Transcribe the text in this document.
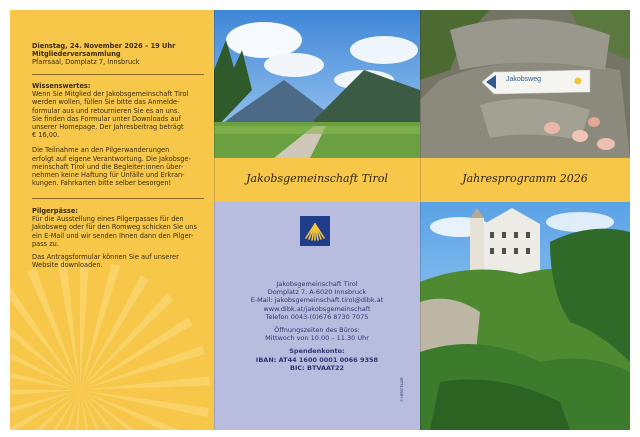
Dienstag, 24. November 2026 – 19 Uhr

Mitgliederversammlung

Pfarrsaal, Domplatz 7, Innsbruck

Wissenswertes:

Wenn Sie Mitglied der Jakobsgemeinschaft Tirol

werden wollen, füllen Sie bitte das Anmelde-

formular aus und retournieren Sie es an uns.

Sie finden das Formular unter Downloads auf

unserer Homepage. Der Jahresbeitrag beträgt

€ 16,00.

Die Teilnahme an den Pilgerwanderungen

erfolgt auf eigene Verantwortung. Die Jakobsge-

meinschaft Tirol und die Begleiter:innen über-

nehmen keine Haftung für Unfälle und Erkran-

kungen. Fahrkarten bitte selber besorgen!

Pilgerpässe:

Für die Ausstellung eines Pilgerpasses für den

Jakobsweg oder für den Romweg schicken Sie uns

ein E-Mail und wir senden Ihnen dann den Pilger-

pass zu.

Das Antragsformular können Sie auf unserer

Website downloaden.

Jakobsgemeinschaft Tirol
Jakobsgemeinschaft Tirol
Domplatz 7, A-6020 Innsbruck
E-Mail: jakobsgemeinschaft.tirol@dibk.at
www.dibk.at/jakobsgemeinschaft
Telefon 0043-(0)676 8730 7075
Öffnungszeiten des Büros:
Mittwoch von 10.00 – 11.30 Uhr
Spendenkonto:
IBAN: AT44 1600 0001 0066 9358
BIC: BTVAAT22
© HERSTELLER
Jakobsweg
Jahresprogramm 2026
